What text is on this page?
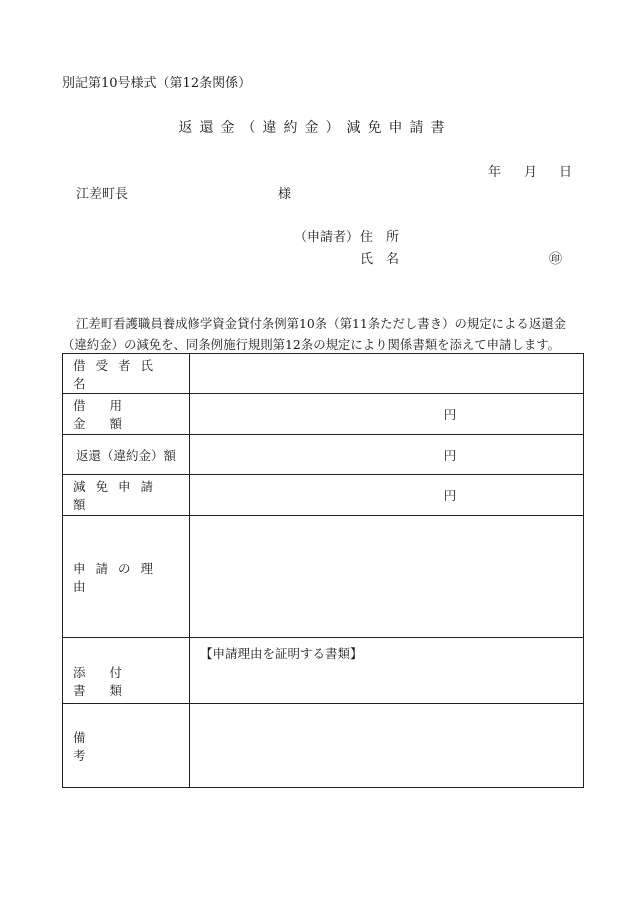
別記第10号様式（第12条関係）
返還金（違約金）減免申請書
年 月 日
江差町長	様
（申請者） 住　所
氏　名	㊞
江差町看護職員養成修学資金貸付条例第10条（第11条ただし書き）の規定による返還金（違約金）の減免を、同条例施行規則第12条の規定により関係書類を添えて申請します。
借受者氏名	

借用金額	円

返還（違約金）額	円

減免申請額	円

申請の理由	

添付書類	【申請理由を証明する書類】

備考	
